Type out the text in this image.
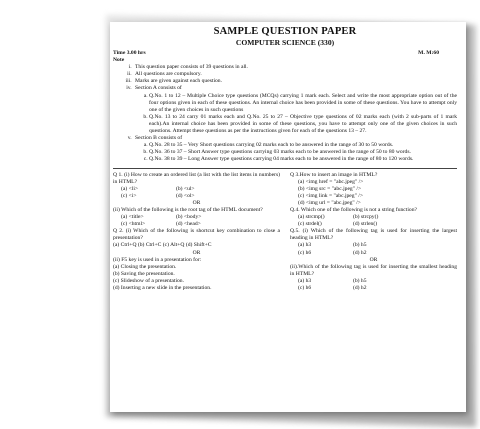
SAMPLE QUESTION PAPER
COMPUTER SCIENCE (330)
Time 3.00 hrs	M. M:60
Note
i. This question paper consists of 39 questions in all.
ii. All questions are compulsory.
iii. Marks are given against each question.
iv. Section A consists of
a. Q.No. 1 to 12 – Multiple Choice type questions (MCQs) carrying 1 mark each. Select and write the most appropriate option out of the four options given in each of these questions. An internal choice has been provided in some of these questions. You have to attempt only one of the given choices in such questions
b. Q.No. 13 to 24 carry 01 marks each and Q.No. 25 to 27 – Objective type questions of 02 marks each (with 2 sub-parts of 1 mark each).An internal choice has been provided in some of these questions, you have to attempt only one of the given choices in such questions. Attempt these questions as per the instructions given for each of the questions 13 – 27.
v. Section B consists of
a. Q.No. 28 to 35 – Very Short questions carrying 02 marks each to be answered in the range of 30 to 50 words.
b. Q.No. 36 to 37 – Short Answer type questions carrying 03 marks each to be answered in the range of 50 to 80 words.
c. Q.No. 38 to 39 – Long Answer type questions carrying 04 marks each to be answered in the range of 80 to 120 words.

Q 1. (i) How to create an ordered list (a list with the list items in numbers) in HTML?

(a) <li>	(b) <ul>
(c) <i>	(d) <ol>

OR

(ii) Which of the following is the root tag of the HTML document?

(a) <title>	(b) <body>
(c) <html>	(d) <head>

Q 2. (i) Which of the following is shortcut key combination to close a presentation?

(a) Ctrl+Q (b) Ctrl+C (c) Alt+Q (d) Shift+C

OR

(ii) F5 key is used in a presentation for:

(a) Closing the presentation.

(b) Saving the presentation.

(c) Slideshow of a presentation.

(d) Inserting a new slide in the presentation.

Q 3.How to insert an image in HTML?

(a) <img href = "abc.jpeg" />

(b) <img src = "abc.jpeg" />

(c) <img link = "abc.jpeg" />

(d) <img url = "abc.jpeg" />

Q.4. Which one of the following is not a string function?

(a) strcmp()	(b) strcpy()
(c) strdel()	(d) strlen()

Q.5. (i) Which of the following tag is used for inserting the largest heading in HTML?

(a) h3	(b) h5
(c) h6	(d) h2

OR

(ii).Which of the following tag is used for inserting the smallest heading in HTML?

(a) h3	(b) h5
(c) h6	(d) h2
